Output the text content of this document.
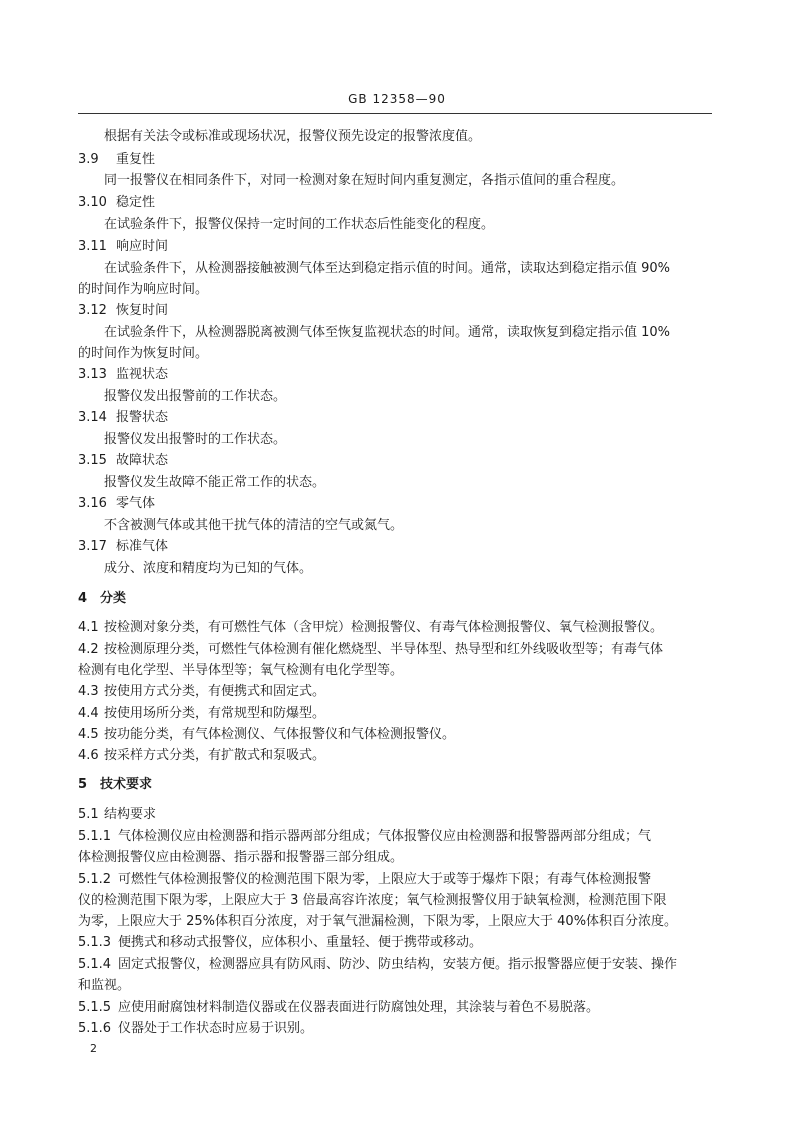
GB 12358—90
根据有关法令或标准或现场状况，报警仪预先设定的报警浓度值。
3.9 重复性
同一报警仪在相同条件下，对同一检测对象在短时间内重复测定，各指示值间的重合程度。
3.10 稳定性
在试验条件下，报警仪保持一定时间的工作状态后性能变化的程度。
3.11 响应时间
在试验条件下，从检测器接触被测气体至达到稳定指示值的时间。通常，读取达到稳定指示值 90%
的时间作为响应时间。
3.12 恢复时间
在试验条件下，从检测器脱离被测气体至恢复监视状态的时间。通常，读取恢复到稳定指示值 10%
的时间作为恢复时间。
3.13 监视状态
报警仪发出报警前的工作状态。
3.14 报警状态
报警仪发出报警时的工作状态。
3.15 故障状态
报警仪发生故障不能正常工作的状态。
3.16 零气体
不含被测气体或其他干扰气体的清洁的空气或氮气。
3.17 标准气体
成分、浓度和精度均为已知的气体。
4　分类
4.1 按检测对象分类，有可燃性气体（含甲烷）检测报警仪、有毒气体检测报警仪、氧气检测报警仪。
4.2 按检测原理分类，可燃性气体检测有催化燃烧型、半导体型、热导型和红外线吸收型等；有毒气体
检测有电化学型、半导体型等；氧气检测有电化学型等。
4.3 按使用方式分类，有便携式和固定式。
4.4 按使用场所分类，有常规型和防爆型。
4.5 按功能分类，有气体检测仪、气体报警仪和气体检测报警仪。
4.6 按采样方式分类，有扩散式和泵吸式。
5　技术要求
5.1 结构要求
5.1.1 气体检测仪应由检测器和指示器两部分组成；气体报警仪应由检测器和报警器两部分组成；气
体检测报警仪应由检测器、指示器和报警器三部分组成。
5.1.2 可燃性气体检测报警仪的检测范围下限为零，上限应大于或等于爆炸下限；有毒气体检测报警
仪的检测范围下限为零，上限应大于 3 倍最高容许浓度；氧气检测报警仪用于缺氧检测，检测范围下限
为零，上限应大于 25%体积百分浓度，对于氧气泄漏检测，下限为零，上限应大于 40%体积百分浓度。
5.1.3 便携式和移动式报警仪，应体积小、重量轻、便于携带或移动。
5.1.4 固定式报警仪，检测器应具有防风雨、防沙、防虫结构，安装方便。指示报警器应便于安装、操作
和监视。
5.1.5 应使用耐腐蚀材料制造仪器或在仪器表面进行防腐蚀处理，其涂装与着色不易脱落。
5.1.6 仪器处于工作状态时应易于识别。
2
